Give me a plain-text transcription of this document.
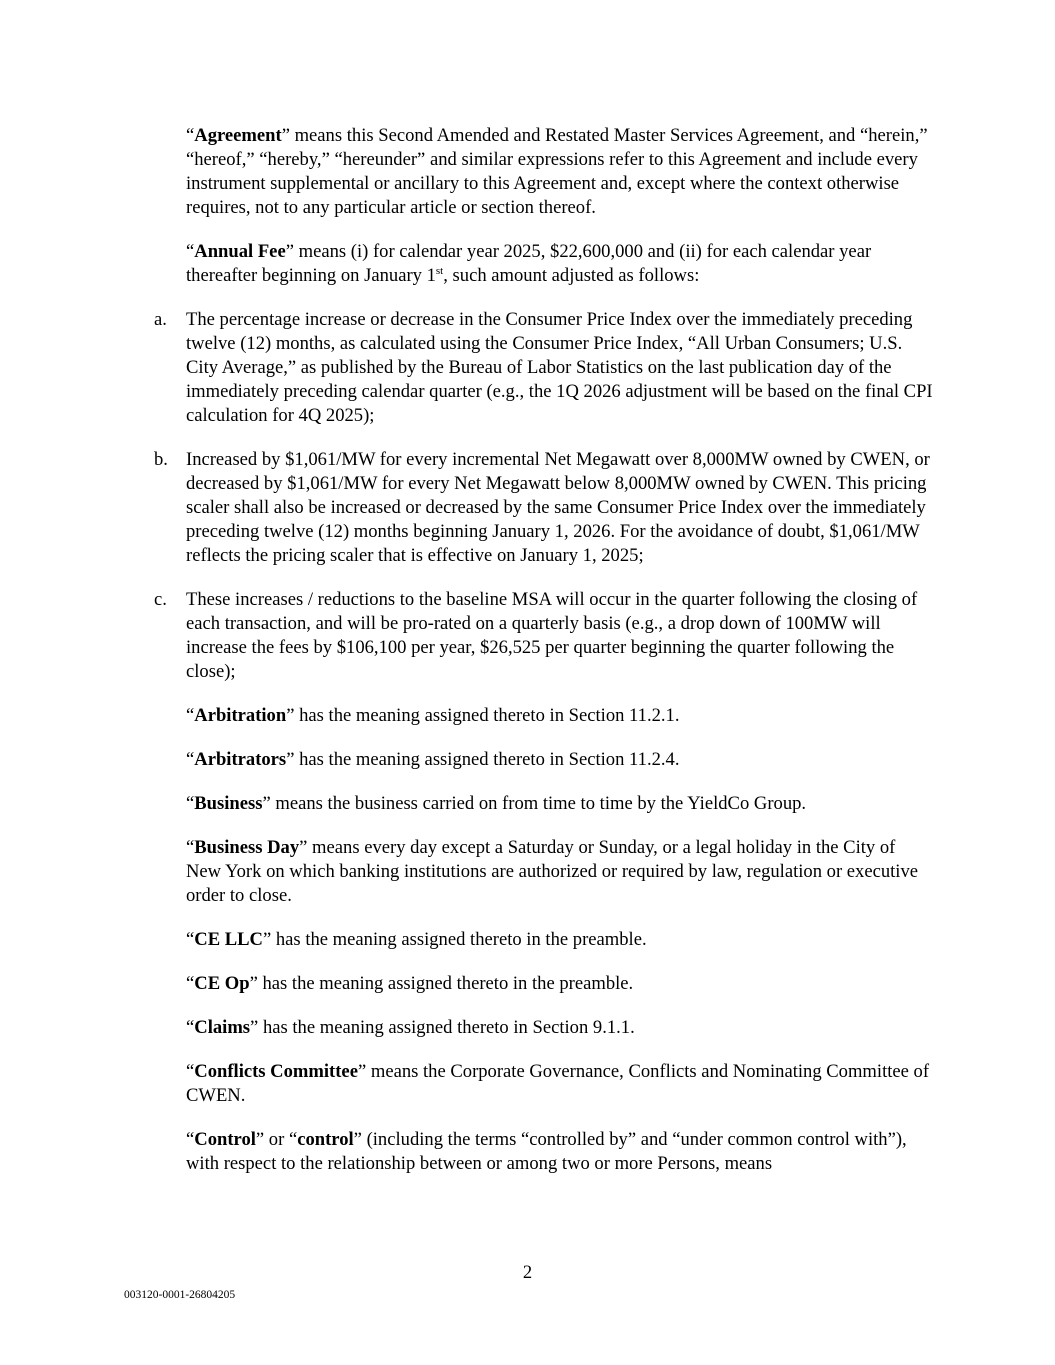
“Agreement” means this Second Amended and Restated Master Services Agreement, and “herein,” “hereof,” “hereby,” “hereunder” and similar expressions refer to this Agreement and include every instrument supplemental or ancillary to this Agreement and, except where the context otherwise requires, not to any particular article or section thereof.

“Annual Fee” means (i) for calendar year 2025, $22,600,000 and (ii) for each calendar year thereafter beginning on January 1st, such amount adjusted as follows:

a. The percentage increase or decrease in the Consumer Price Index over the immediately preceding twelve (12) months, as calculated using the Consumer Price Index, “All Urban Consumers; U.S. City Average,” as published by the Bureau of Labor Statistics on the last publication day of the immediately preceding calendar quarter (e.g., the 1Q 2026 adjustment will be based on the final CPI calculation for 4Q 2025);
b. Increased by $1,061/MW for every incremental Net Megawatt over 8,000MW owned by CWEN, or decreased by $1,061/MW for every Net Megawatt below 8,000MW owned by CWEN. This pricing scaler shall also be increased or decreased by the same Consumer Price Index over the immediately preceding twelve (12) months beginning January 1, 2026. For the avoidance of doubt, $1,061/MW reflects the pricing scaler that is effective on January 1, 2025;
c. These increases / reductions to the baseline MSA will occur in the quarter following the closing of each transaction, and will be pro-rated on a quarterly basis (e.g., a drop down of 100MW will increase the fees by $106,100 per year, $26,525 per quarter beginning the quarter following the close);

“Arbitration” has the meaning assigned thereto in Section 11.2.1.

“Arbitrators” has the meaning assigned thereto in Section 11.2.4.

“Business” means the business carried on from time to time by the YieldCo Group.

“Business Day” means every day except a Saturday or Sunday, or a legal holiday in the City of New York on which banking institutions are authorized or required by law, regulation or executive order to close.

“CE LLC” has the meaning assigned thereto in the preamble.

“CE Op” has the meaning assigned thereto in the preamble.

“Claims” has the meaning assigned thereto in Section 9.1.1.

“Conflicts Committee” means the Corporate Governance, Conflicts and Nominating Committee of CWEN.

“Control” or “control” (including the terms “controlled by” and “under common control with”), with respect to the relationship between or among two or more Persons, means

2
003120-0001-26804205
